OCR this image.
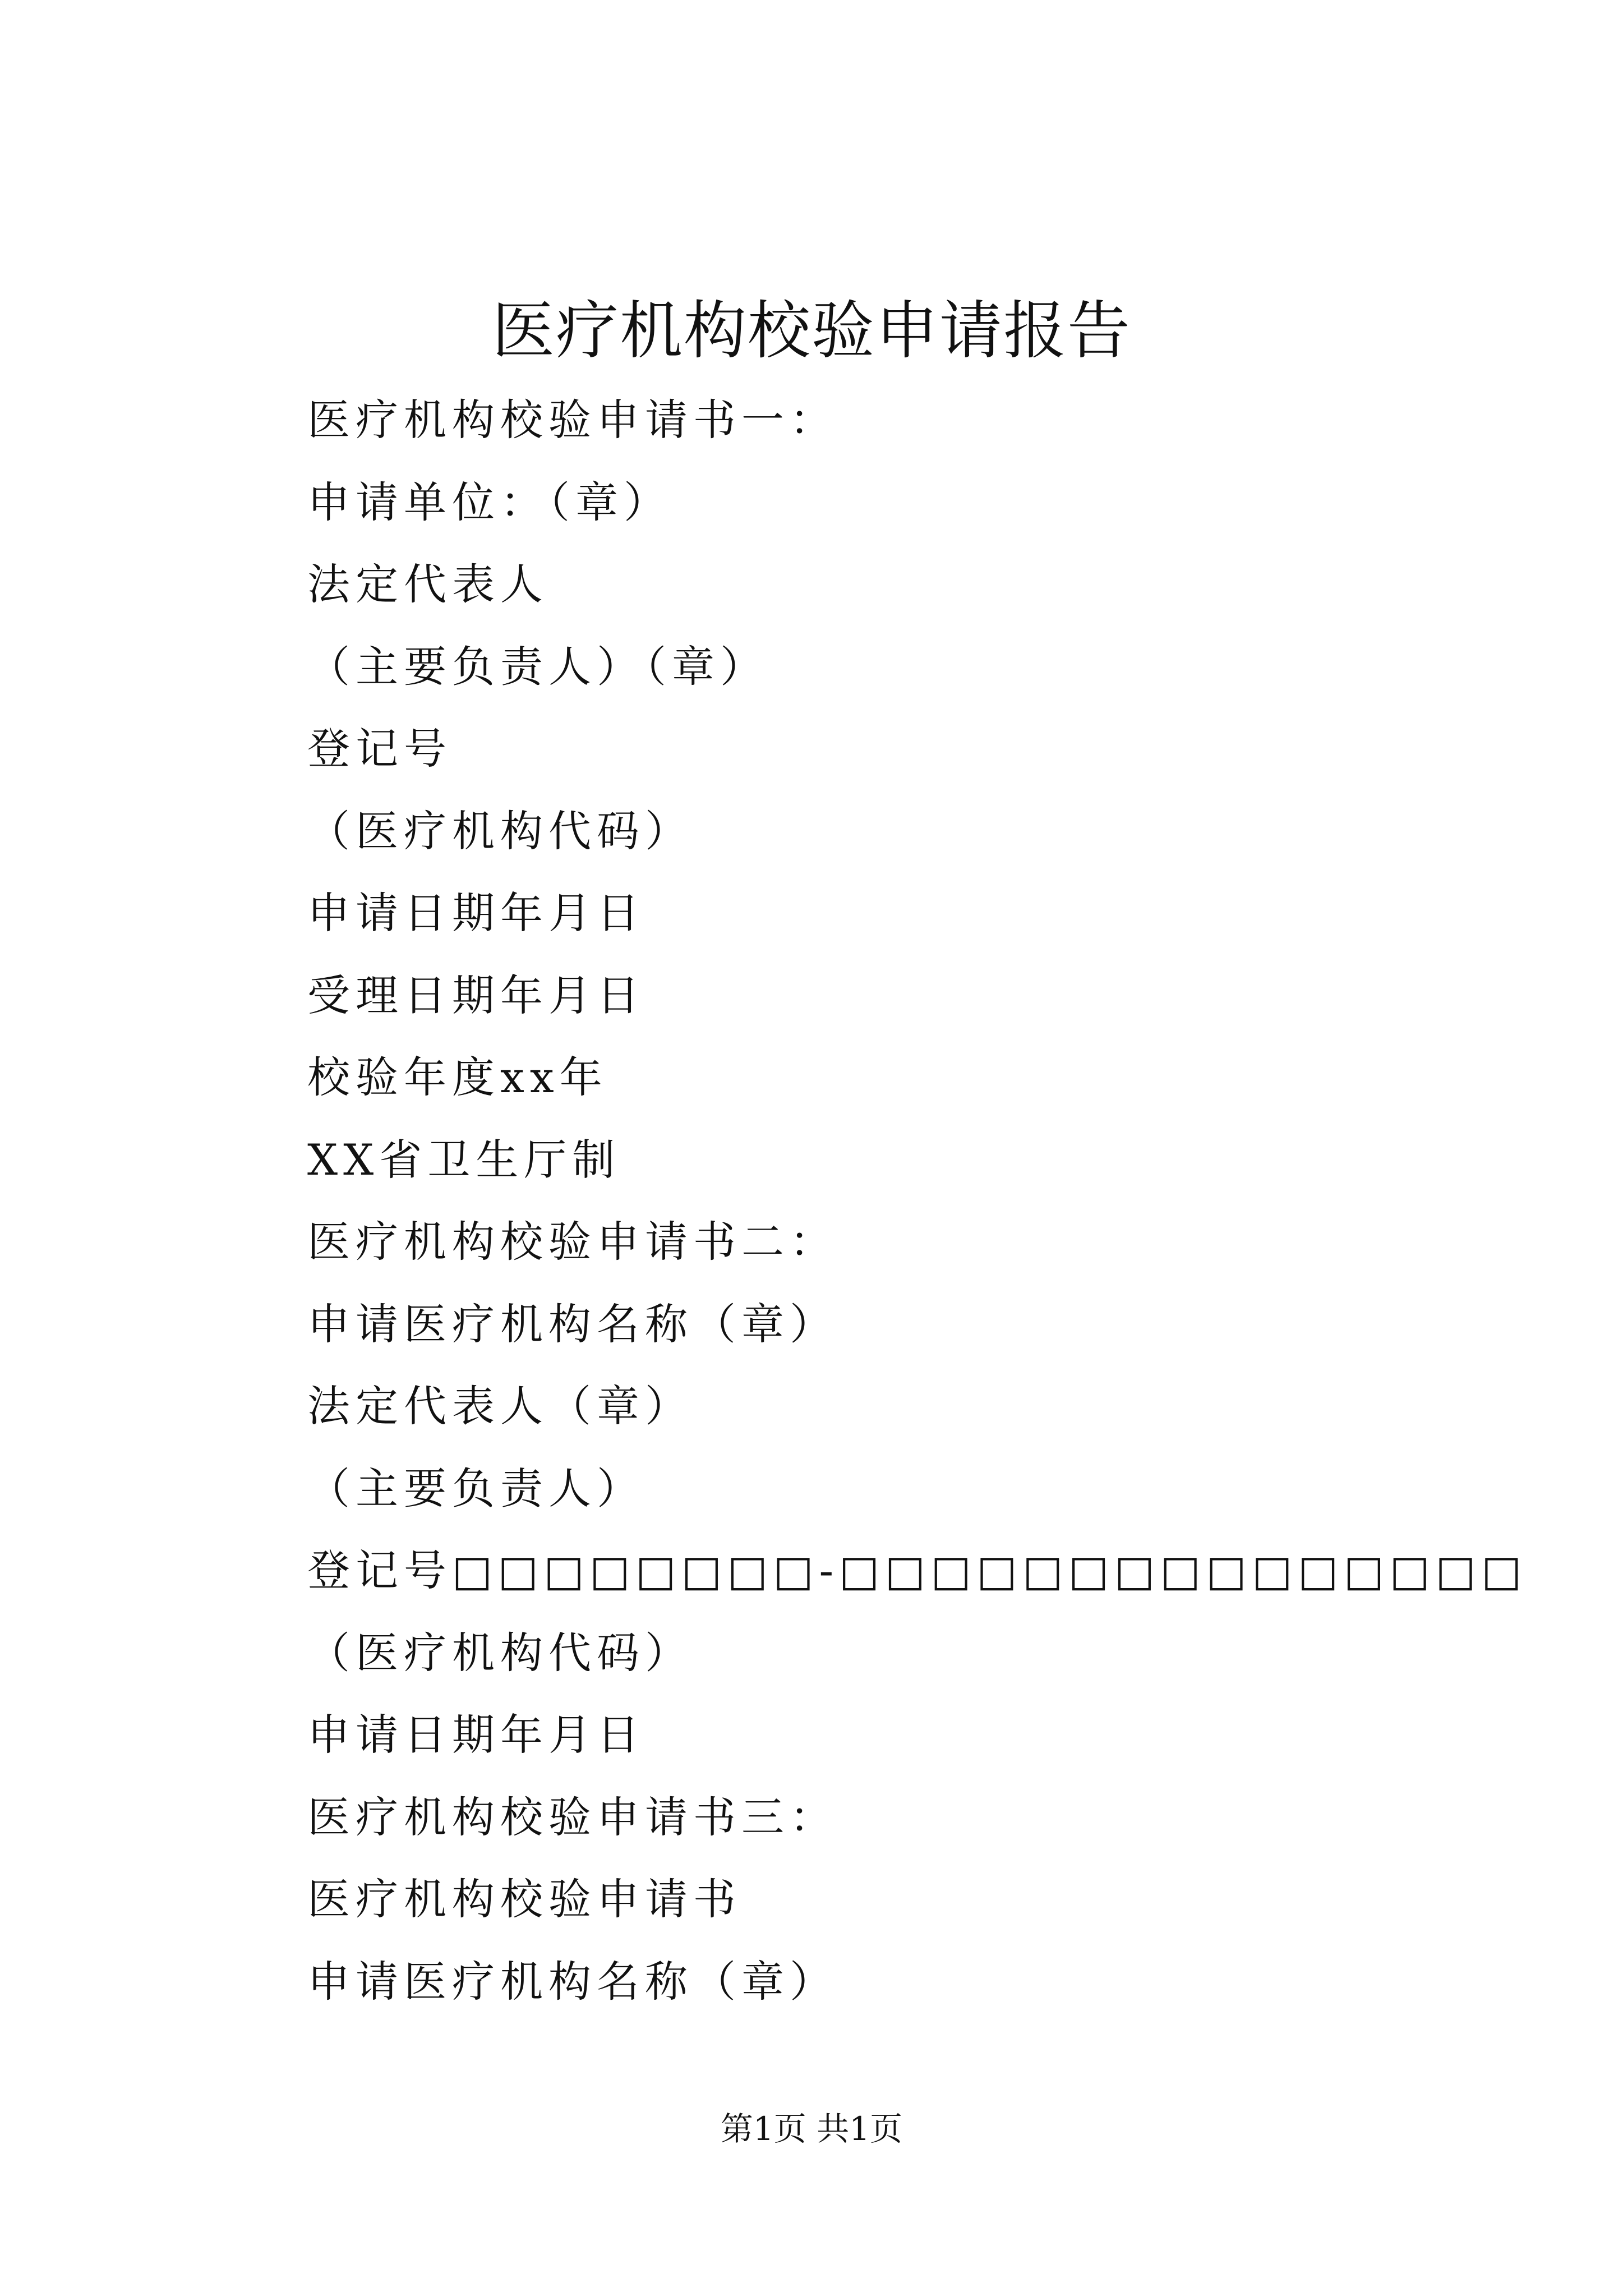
医疗机构校验申请报告
医疗机构校验申请书一：
申请单位：（章）
法定代表人
（主要负责人）（章）
登记号
（医疗机构代码）
申请日期年月日
受理日期年月日
校验年度xx年
XX省卫生厅制
医疗机构校验申请书二：
申请医疗机构名称（章）
法定代表人（章）
（主要负责人）
登记号□□□□□□□□-□□□□□□□□□□□□□□□
（医疗机构代码）
申请日期年月日
医疗机构校验申请书三：
医疗机构校验申请书
申请医疗机构名称（章）
第1页 共1页
